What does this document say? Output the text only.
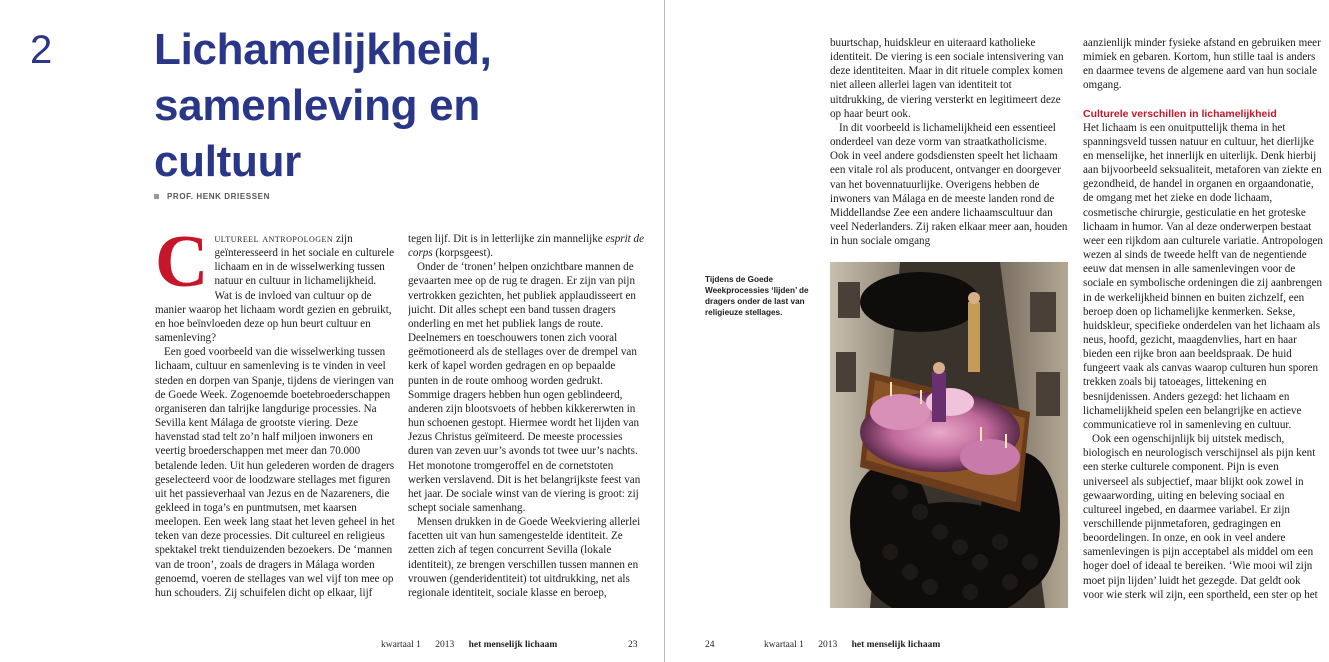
2 Lichamelijkheid,
samenleving en
cultuur
PROF. HENK DRIESSEN

Cultureel antropologen zijn geïnteresseerd in het sociale en culturele lichaam en in de wisselwerking tussen natuur en cultuur in lichamelijkheid. Wat is de invloed van cultuur op de manier waarop het lichaam wordt gezien en gebruikt, en hoe beïnvloeden deze op hun beurt cultuur en samenleving?

Een goed voorbeeld van die wisselwerking tussen lichaam, cultuur en samenleving is te vinden in veel steden en dorpen van Spanje, tijdens de vieringen van de Goede Week. Zogenoemde boetebroederschappen organiseren dan talrijke langdurige processies. Na Sevilla kent Málaga de grootste viering. Deze havenstad stad telt zo’n half miljoen inwoners en veertig broederschappen met meer dan 70.000 betalende leden. Uit hun gelederen worden de dragers geselecteerd voor de loodzware stellages met figuren uit het passieverhaal van Jezus en de Nazareners, die gekleed in toga’s en puntmutsen, met kaarsen meelopen. Een week lang staat het leven geheel in het teken van deze processies. Dit cultureel en religieus spektakel trekt tienduizenden bezoekers. De ‘mannen van de troon’, zoals de dragers in Málaga worden genoemd, voeren de stellages van wel vijf ton mee op hun schouders. Zij schuifelen dicht op elkaar, lijf

tegen lijf. Dit is in letterlijke zin mannelijke esprit de corps (korpsgeest).

Onder de ‘tronen’ helpen onzichtbare mannen de gevaarten mee op de rug te dragen. Er zijn van pijn vertrokken gezichten, het publiek applaudisseert en juicht. Dit alles schept een band tussen dragers onderling en met het publiek langs de route. Deelnemers en toeschouwers tonen zich vooral geëmotioneerd als de stellages over de drempel van kerk of kapel worden gedragen en op bepaalde punten in de route omhoog worden gedrukt. Sommige dragers hebben hun ogen geblindeerd, anderen zijn blootsvoets of hebben kikkererwten in hun schoenen gestopt. Hiermee wordt het lijden van Jezus Christus geïmiteerd. De meeste processies duren van zeven uur’s avonds tot twee uur’s nachts. Het monotone tromgeroffel en de cornetstoten werken verslavend. Dit is het belangrijkste feest van het jaar. De sociale winst van de viering is groot: zij schept sociale samenhang.

Mensen drukken in de Goede Weekviering allerlei facetten uit van hun samengestelde identiteit. Ze zetten zich af tegen concurrent Sevilla (lokale identiteit), ze brengen verschillen tussen mannen en vrouwen (genderidentiteit) tot uitdrukking, net als regionale identiteit, sociale klasse en beroep,

kwartaal 1 2013 het menselijk lichaam	23

buurtschap, huidskleur en uiteraard katholieke identiteit. De viering is een sociale intensivering van deze identiteiten. Maar in dit rituele complex komen niet alleen allerlei lagen van identiteit tot uitdrukking, de viering versterkt en legitimeert deze op haar beurt ook.

In dit voorbeeld is lichamelijkheid een essentieel onderdeel van deze vorm van straatkatholicisme. Ook in veel andere godsdiensten speelt het lichaam een vitale rol als producent, ontvanger en doorgever van het bovennatuurlijke. Overigens hebben de inwoners van Málaga en de meeste landen rond de Middellandse Zee een andere lichaamscultuur dan veel Nederlanders. Zij raken elkaar meer aan, houden in hun sociale omgang

Tijdens de Goede Weekprocessies ‘lijden’ de dragers onder de last van religieuze stellages.

aanzienlijk minder fysieke afstand en gebruiken meer mimiek en gebaren. Kortom, hun stille taal is anders en daarmee tevens de algemene aard van hun sociale omgang.

Culturele verschillen in lichamelijkheid

Het lichaam is een onuitputtelijk thema in het spanningsveld tussen natuur en cultuur, het dierlijke en menselijke, het innerlijk en uiterlijk. Denk hierbij aan bijvoorbeeld seksualiteit, metaforen van ziekte en gezondheid, de handel in organen en orgaandonatie, de omgang met het zieke en dode lichaam, cosmetische chirurgie, gesticulatie en het groteske lichaam in humor. Van al deze onderwerpen bestaat weer een rijkdom aan culturele variatie. Antropologen wezen al sinds de tweede helft van de negentiende eeuw dat mensen in alle samenlevingen voor de sociale en symbolische ordeningen die zij aanbrengen in de werkelijkheid binnen en buiten zichzelf, een beroep doen op lichamelijke kenmerken. Sekse, huidskleur, specifieke onderdelen van het lichaam als neus, hoofd, gezicht, maagdenvlies, hart en haar bieden een rijke bron aan beeldspraak. De huid fungeert vaak als canvas waarop culturen hun sporen trekken zoals bij tatoeages, littekening en besnijdenissen. Anders gezegd: het lichaam en lichamelijkheid spelen een belangrijke en actieve communicatieve rol in samenleving en cultuur.

Ook een ogenschijnlijk bij uitstek medisch, biologisch en neurologisch verschijnsel als pijn kent een sterke culturele component. Pijn is even universeel als subjectief, maar blijkt ook zowel in gewaarwording, uiting en beleving sociaal en cultureel ingebed, en daarmee variabel. Er zijn verschillende pijnmetaforen, gedragingen en beoordelingen. In onze, en ook in veel andere samenlevingen is pijn acceptabel als middel om een hoger doel of ideaal te bereiken. ‘Wie mooi wil zijn moet pijn lijden’ luidt het gezegde. Dat geldt ook voor wie sterk wil zijn, een sportheld, een ster op het

24	kwartaal 1 2013 het menselijk lichaam
